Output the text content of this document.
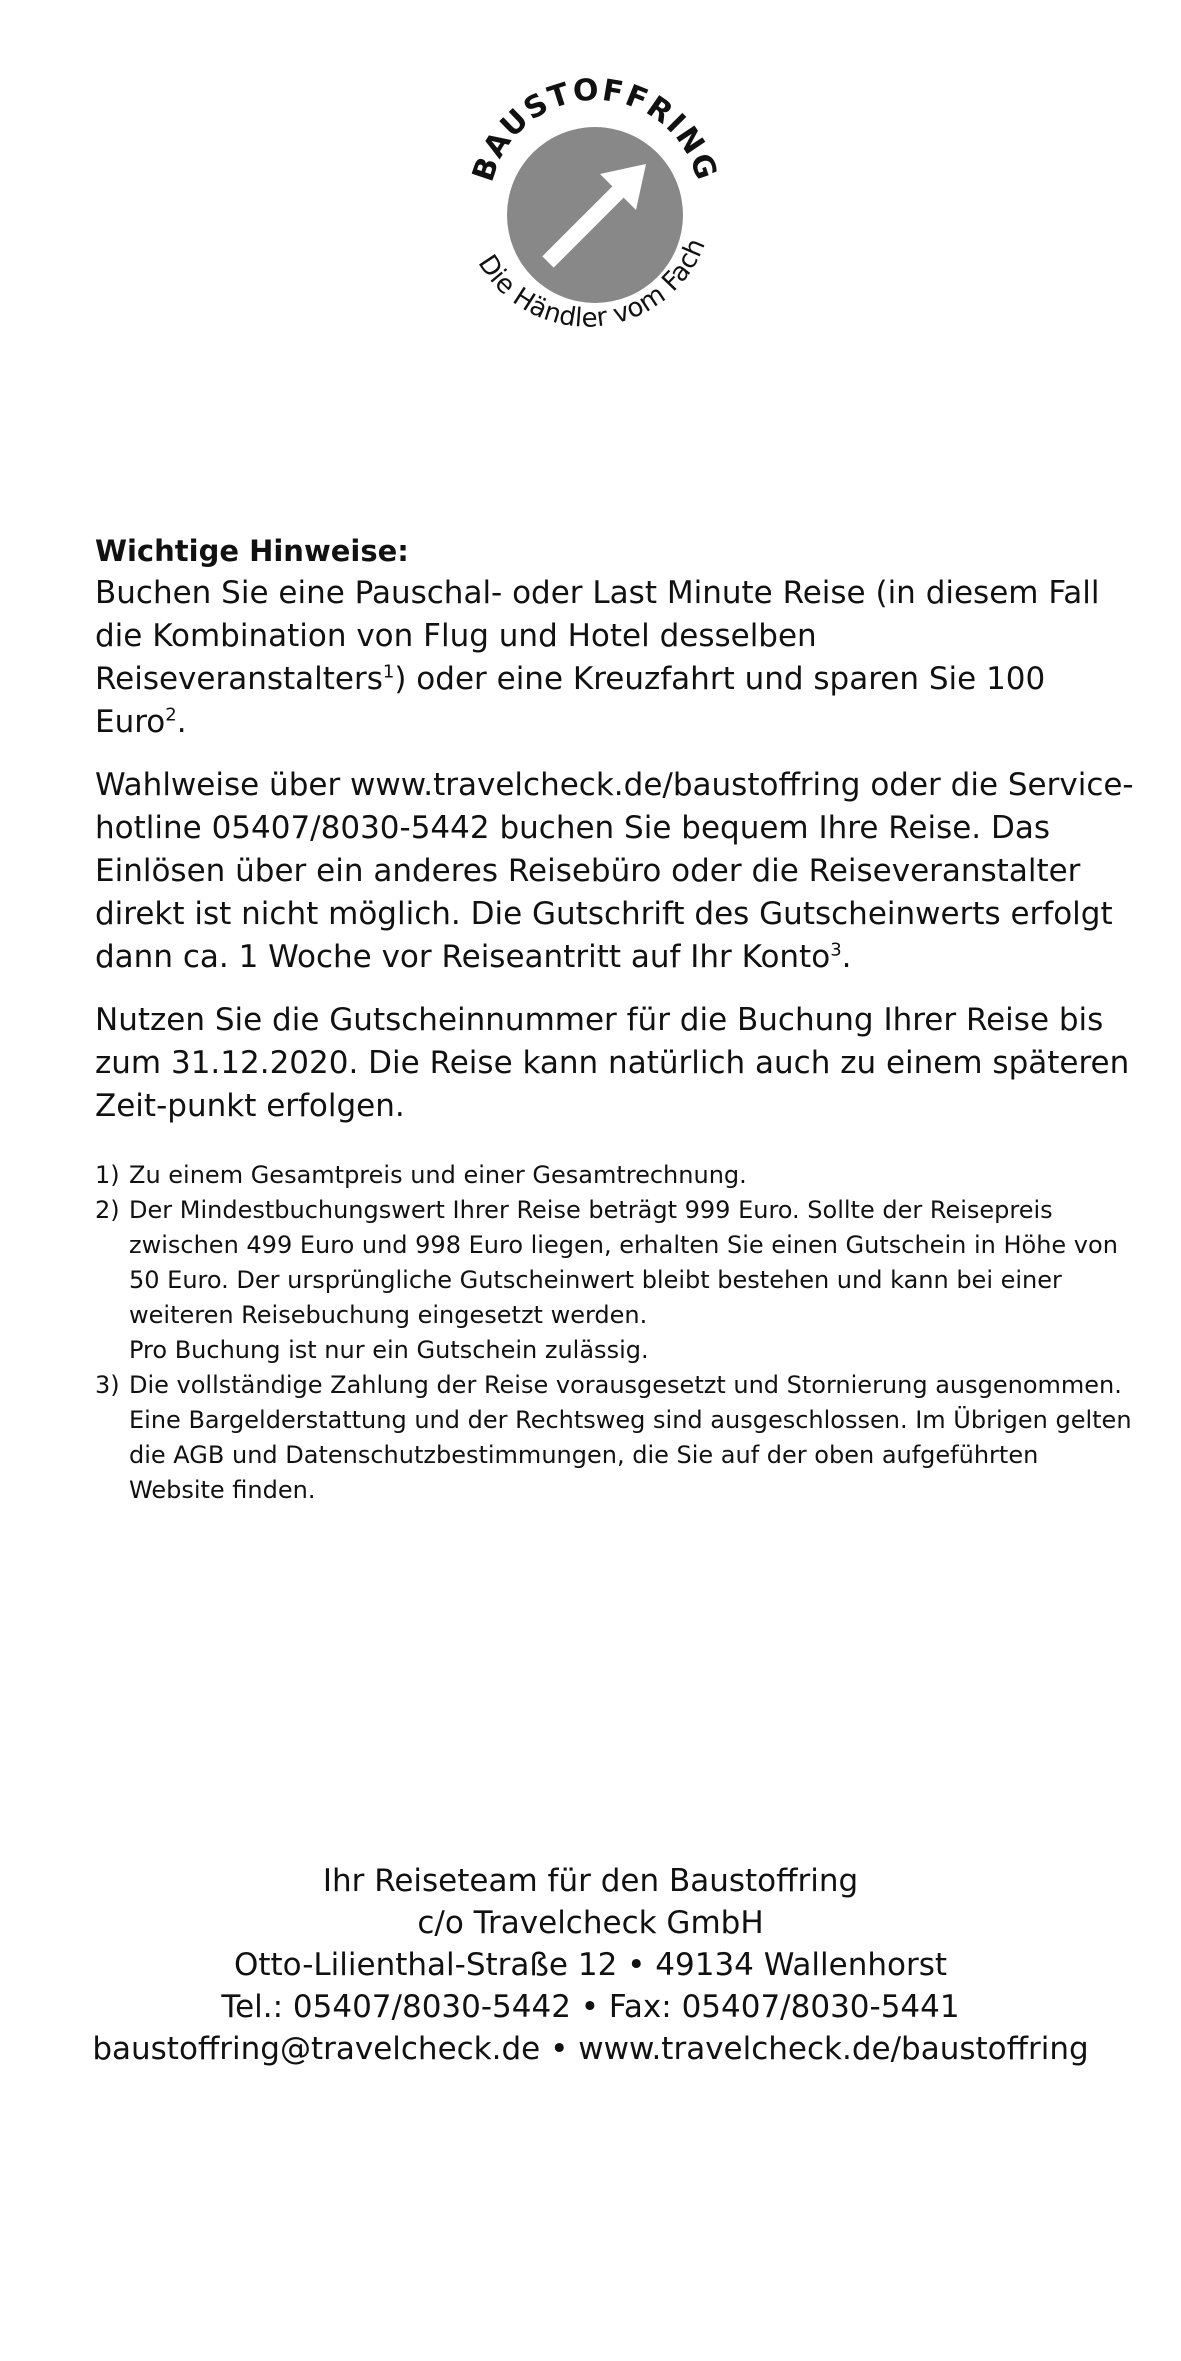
BAUSTOFFRING
Die Händler vom Fach

Wichtige Hinweise:

Buchen Sie eine Pauschal- oder Last Minute Reise (in diesem Fall die Kombination von Flug und Hotel desselben Reiseveranstalters$^1$) oder eine Kreuzfahrt und sparen Sie 100 Euro$^2$.

Wahlweise über www.travelcheck.de/baustoffring oder die Service-hotline 05407/8030-5442 buchen Sie bequem Ihre Reise. Das Einlösen über ein anderes Reisebüro oder die Reiseveranstalter direkt ist nicht möglich. Die Gutschrift des Gutscheinwerts erfolgt dann ca. 1 Woche vor Reiseantritt auf Ihr Konto$^3$.

Nutzen Sie die Gutscheinnummer für die Buchung Ihrer Reise bis zum 31.12.2020. Die Reise kann natürlich auch zu einem späteren Zeit-punkt erfolgen.

1) Zu einem Gesamtpreis und einer Gesamtrechnung.
2) Der Mindestbuchungswert Ihrer Reise beträgt 999 Euro. Sollte der Reisepreis zwischen 499 Euro und 998 Euro liegen, erhalten Sie einen Gutschein in Höhe von 50 Euro. Der ursprüngliche Gutscheinwert bleibt bestehen und kann bei einer weiteren Reisebuchung eingesetzt werden.
Pro Buchung ist nur ein Gutschein zulässig.
3) Die vollständige Zahlung der Reise vorausgesetzt und Stornierung ausgenommen. Eine Bargelderstattung und der Rechtsweg sind ausgeschlossen. Im Übrigen gelten die AGB und Datenschutzbestimmungen, die Sie auf der oben aufgeführten Website finden.
Ihr Reiseteam für den Baustoffring
c/o Travelcheck GmbH
Otto-Lilienthal-Straße 12 • 49134 Wallenhorst
Tel.: 05407/8030-5442 • Fax: 05407/8030-5441
baustoffring@travelcheck.de • www.travelcheck.de/baustoffring
